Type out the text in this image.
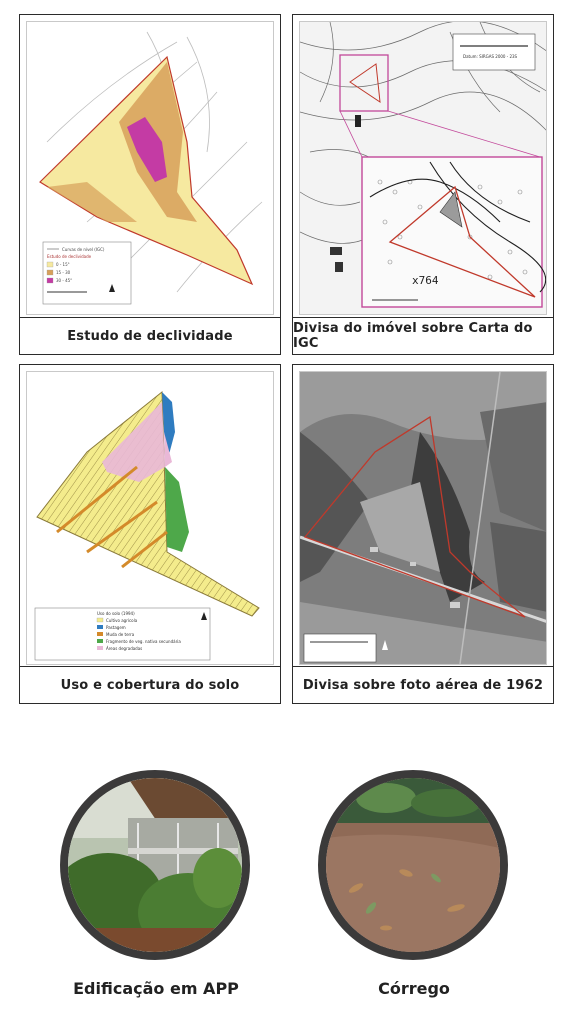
Curvas de nível (IGC)
Estudo de declividade
0 - 15°
15 - 30
30 - 45°
Estudo de declividade
Datum: SIRGAS 2000 - 23S
x764
Divisa do imóvel sobre Carta do IGC
Uso do solo (1994)
Cultivo agrícola
Pastagem
Muda de terra
Fragmento de veg. nativa secundária
Áreas degradadas
Uso e cobertura do solo	Divisa sobre foto aérea de 1962
Edificação em APP	Córrego
